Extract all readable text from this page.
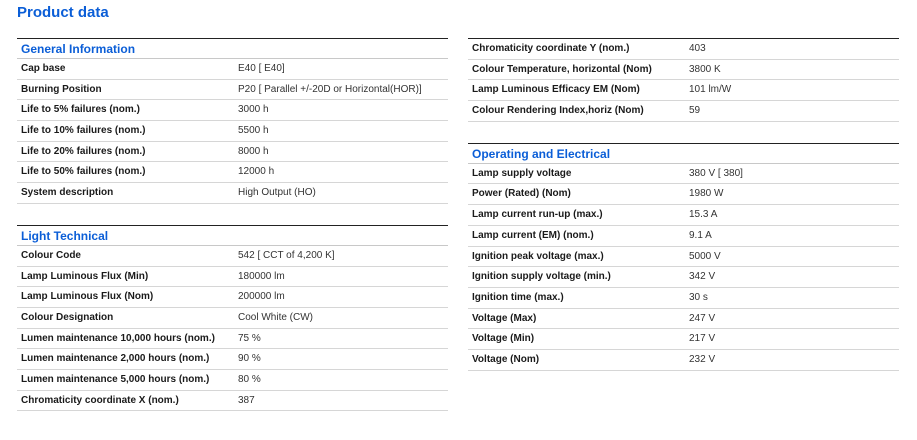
Product data
General Information
Cap base	E40 [ E40]
Burning Position	P20 [ Parallel +/-20D or Horizontal(HOR)]
Life to 5% failures (nom.)	3000 h
Life to 10% failures (nom.)	5500 h
Life to 20% failures (nom.)	8000 h
Life to 50% failures (nom.)	12000 h
System description	High Output (HO)
Light Technical
Colour Code	542 [ CCT of 4,200 K]
Lamp Luminous Flux (Min)	180000 lm
Lamp Luminous Flux (Nom)	200000 lm
Colour Designation	Cool White (CW)
Lumen maintenance 10,000 hours (nom.)	75 %
Lumen maintenance 2,000 hours (nom.)	90 %
Lumen maintenance 5,000 hours (nom.)	80 %
Chromaticity coordinate X (nom.)	387
Chromaticity coordinate Y (nom.)	403
Colour Temperature, horizontal (Nom)	3800 K
Lamp Luminous Efficacy EM (Nom)	101 lm/W
Colour Rendering Index,horiz (Nom)	59
Operating and Electrical
Lamp supply voltage	380 V [ 380]
Power (Rated) (Nom)	1980 W
Lamp current run-up (max.)	15.3 A
Lamp current (EM) (nom.)	9.1 A
Ignition peak voltage (max.)	5000 V
Ignition supply voltage (min.)	342 V
Ignition time (max.)	30 s
Voltage (Max)	247 V
Voltage (Min)	217 V
Voltage (Nom)	232 V
